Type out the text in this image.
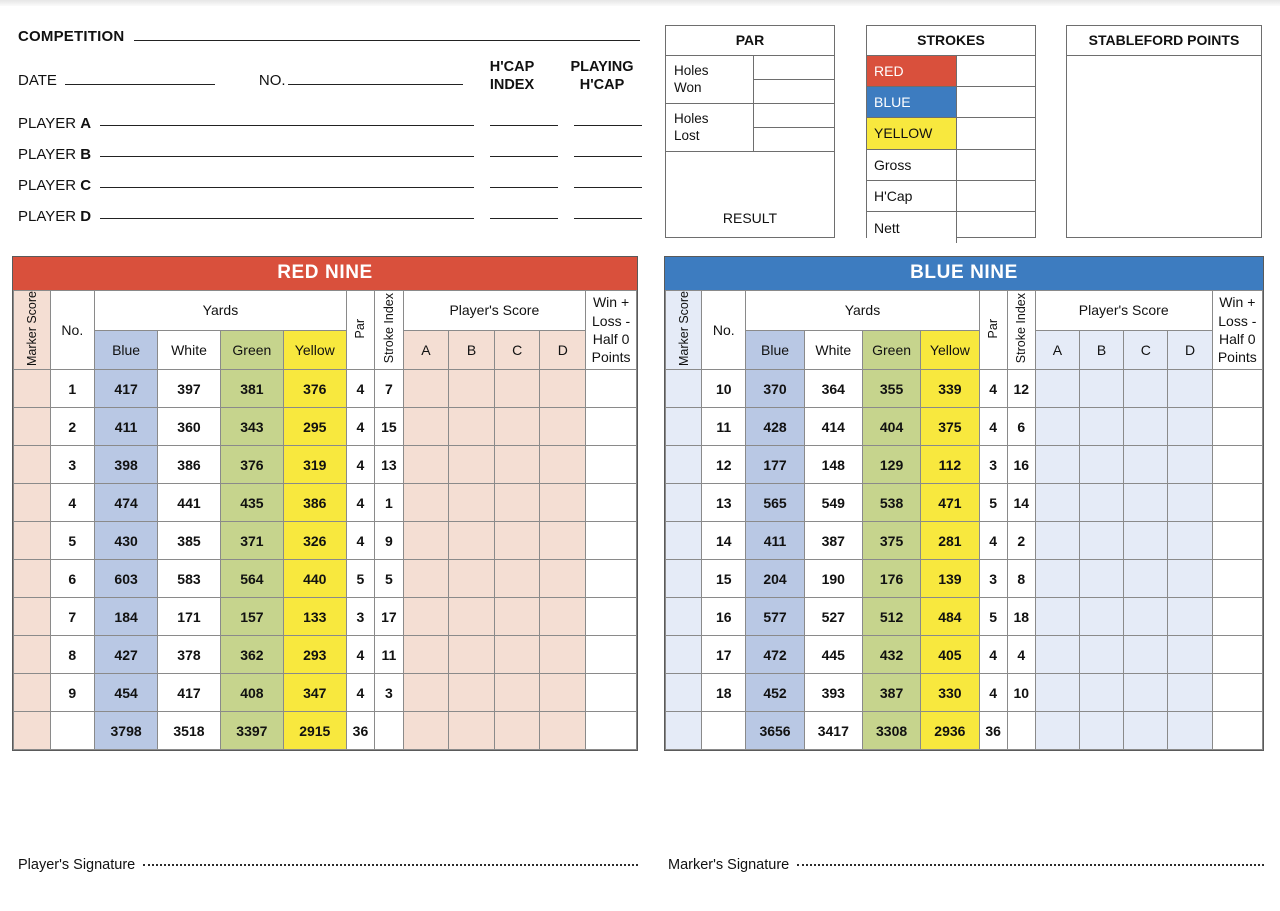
COMPETITION
DATE	NO.
H'CAP
INDEX
PLAYING
H'CAP
PLAYER A
PLAYER B
PLAYER C
PLAYER D
PAR
Holes
Won
Holes
Lost
RESULT
STROKES
RED
BLUE
YELLOW
Gross
H'Cap
Nett
STABLEFORD POINTS
RED NINE
Marker Score	No.	Yards				Par	Stroke Index	Player's Score				Win +
Loss -
Half 0
Points
		Blue	White	Green	Yellow			A	B	C	D	
	1	417	397	381	376	4	7					
	2	411	360	343	295	4	15					
	3	398	386	376	319	4	13					
	4	474	441	435	386	4	1					
	5	430	385	371	326	4	9					
	6	603	583	564	440	5	5					
	7	184	171	157	133	3	17					
	8	427	378	362	293	4	11					
	9	454	417	408	347	4	3					
		3798	3518	3397	2915	36						
BLUE NINE
Marker Score	No.	Yards				Par	Stroke Index	Player's Score				Win +
Loss -
Half 0
Points
		Blue	White	Green	Yellow			A	B	C	D	
	10	370	364	355	339	4	12					
	11	428	414	404	375	4	6					
	12	177	148	129	112	3	16					
	13	565	549	538	471	5	14					
	14	411	387	375	281	4	2					
	15	204	190	176	139	3	8					
	16	577	527	512	484	5	18					
	17	472	445	432	405	4	4					
	18	452	393	387	330	4	10					
		3656	3417	3308	2936	36						
Player's Signature	Marker's Signature
